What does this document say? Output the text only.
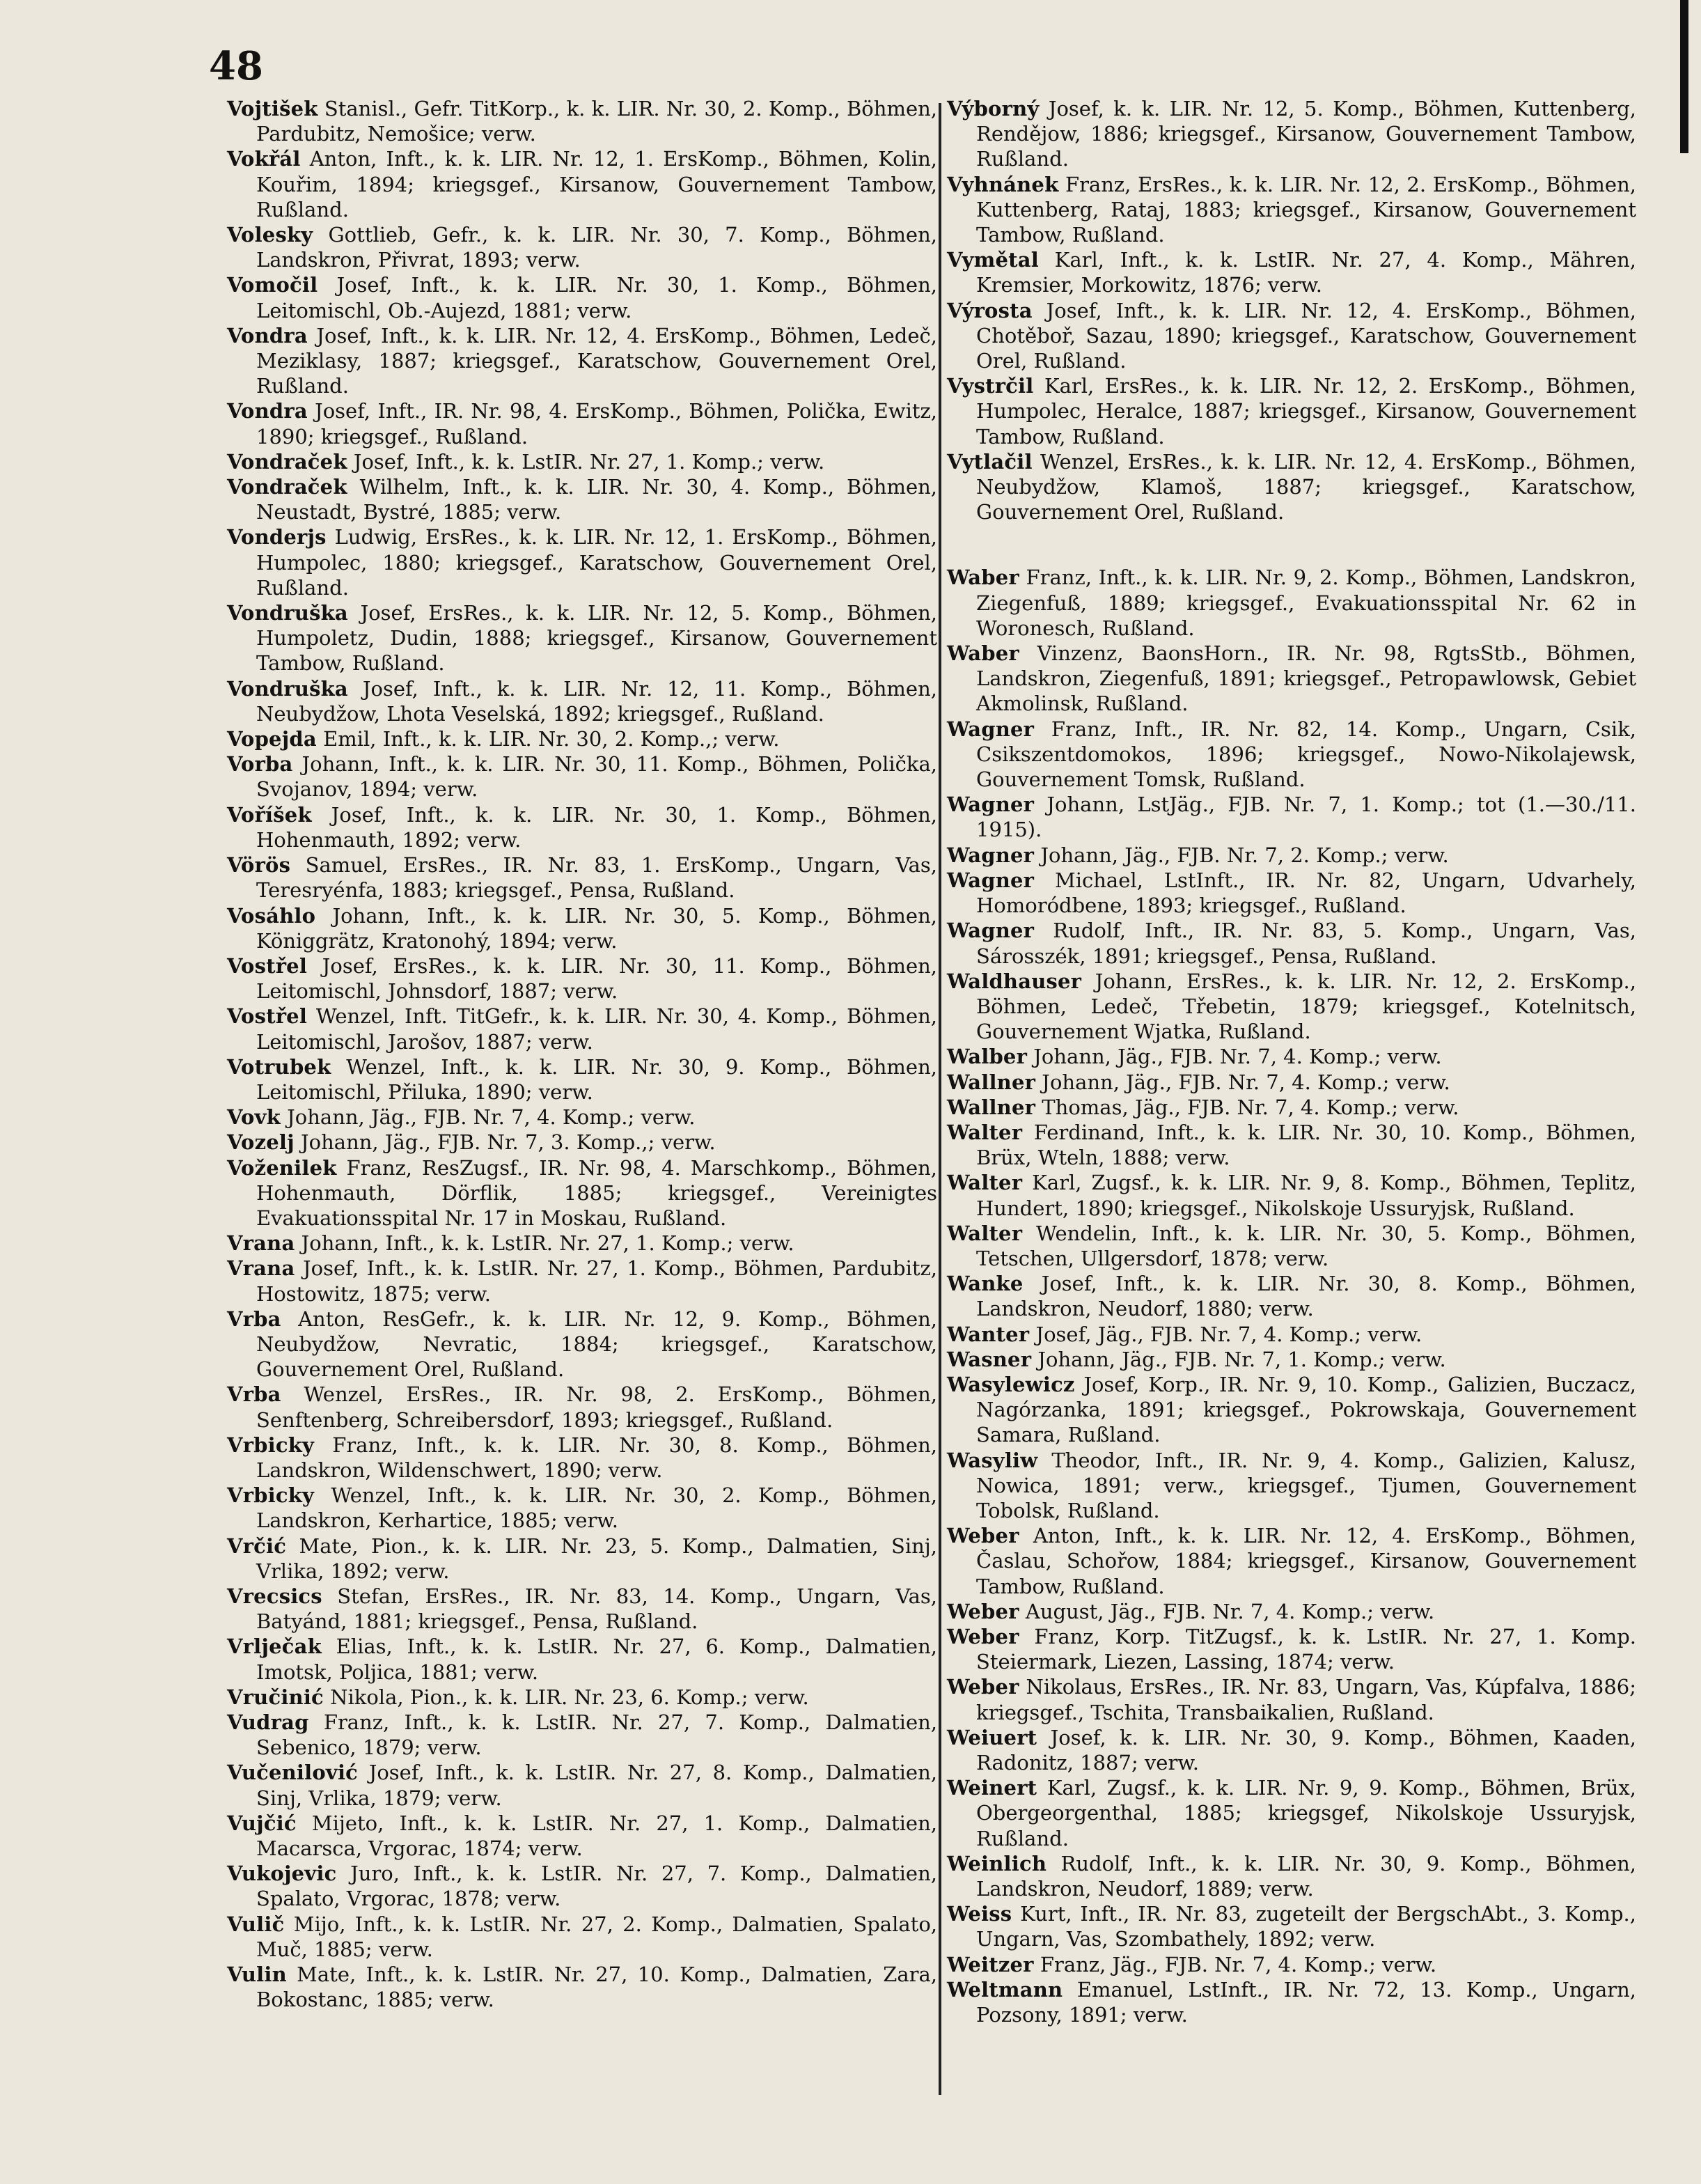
48

Vojtišek Stanisl., Gefr. TitKorp., k. k. LIR. Nr. 30, 2. Komp., Böhmen, Pardubitz, Nemošice; verw.

Vokřál Anton, Inft., k. k. LIR. Nr. 12, 1. ErsKomp., Böhmen, Kolin, Kouřim, 1894; kriegsgef., Kirsanow, Gouvernement Tambow, Rußland.

Volesky Gottlieb, Gefr., k. k. LIR. Nr. 30, 7. Komp., Böhmen, Landskron, Přivrat, 1893; verw.

Vomočil Josef, Inft., k. k. LIR. Nr. 30, 1. Komp., Böhmen, Leitomischl, Ob.-Aujezd, 1881; verw.

Vondra Josef, Inft., k. k. LIR. Nr. 12, 4. ErsKomp., Böhmen, Ledeč, Meziklasy, 1887; kriegsgef., Karatschow, Gouvernement Orel, Rußland.

Vondra Josef, Inft., IR. Nr. 98, 4. ErsKomp., Böhmen, Polička, Ewitz, 1890; kriegsgef., Rußland.

Vondraček Josef, Inft., k. k. LstIR. Nr. 27, 1. Komp.; verw.

Vondraček Wilhelm, Inft., k. k. LIR. Nr. 30, 4. Komp., Böhmen, Neustadt, Bystré, 1885; verw.

Vonderjs Ludwig, ErsRes., k. k. LIR. Nr. 12, 1. ErsKomp., Böhmen, Humpolec, 1880; kriegsgef., Karatschow, Gouvernement Orel, Rußland.

Vondruška Josef, ErsRes., k. k. LIR. Nr. 12, 5. Komp., Böhmen, Humpoletz, Dudin, 1888; kriegsgef., Kirsanow, Gouvernement Tambow, Rußland.

Vondruška Josef, Inft., k. k. LIR. Nr. 12, 11. Komp., Böhmen, Neubydžow, Lhota Veselská, 1892; kriegsgef., Rußland.

Vopejda Emil, Inft., k. k. LIR. Nr. 30, 2. Komp.,; verw.

Vorba Johann, Inft., k. k. LIR. Nr. 30, 11. Komp., Böhmen, Polička, Svojanov, 1894; verw.

Voříšek Josef, Inft., k. k. LIR. Nr. 30, 1. Komp., Böhmen, Hohenmauth, 1892; verw.

Vörös Samuel, ErsRes., IR. Nr. 83, 1. ErsKomp., Ungarn, Vas, Teresryénfa, 1883; kriegsgef., Pensa, Rußland.

Vosáhlo Johann, Inft., k. k. LIR. Nr. 30, 5. Komp., Böhmen, Königgrätz, Kratonohý, 1894; verw.

Vostřel Josef, ErsRes., k. k. LIR. Nr. 30, 11. Komp., Böhmen, Leitomischl, Johnsdorf, 1887; verw.

Vostřel Wenzel, Inft. TitGefr., k. k. LIR. Nr. 30, 4. Komp., Böhmen, Leitomischl, Jarošov, 1887; verw.

Votrubek Wenzel, Inft., k. k. LIR. Nr. 30, 9. Komp., Böhmen, Leitomischl, Přiluka, 1890; verw.

Vovk Johann, Jäg., FJB. Nr. 7, 4. Komp.; verw.

Vozelj Johann, Jäg., FJB. Nr. 7, 3. Komp.,; verw.

Voženilek Franz, ResZugsf., IR. Nr. 98, 4. Marschkomp., Böhmen, Hohenmauth, Dörflik, 1885; kriegsgef., Vereinigtes Evakuationsspital Nr. 17 in Moskau, Rußland.

Vrana Johann, Inft., k. k. LstIR. Nr. 27, 1. Komp.; verw.

Vrana Josef, Inft., k. k. LstIR. Nr. 27, 1. Komp., Böhmen, Pardubitz, Hostowitz, 1875; verw.

Vrba Anton, ResGefr., k. k. LIR. Nr. 12, 9. Komp., Böhmen, Neubydžow, Nevratic, 1884; kriegsgef., Karatschow, Gouvernement Orel, Rußland.

Vrba Wenzel, ErsRes., IR. Nr. 98, 2. ErsKomp., Böhmen, Senftenberg, Schreibersdorf, 1893; kriegsgef., Rußland.

Vrbicky Franz, Inft., k. k. LIR. Nr. 30, 8. Komp., Böhmen, Landskron, Wildenschwert, 1890; verw.

Vrbicky Wenzel, Inft., k. k. LIR. Nr. 30, 2. Komp., Böhmen, Landskron, Kerhartice, 1885; verw.

Vrčić Mate, Pion., k. k. LIR. Nr. 23, 5. Komp., Dalmatien, Sinj, Vrlika, 1892; verw.

Vrecsics Stefan, ErsRes., IR. Nr. 83, 14. Komp., Ungarn, Vas, Batyánd, 1881; kriegsgef., Pensa, Rußland.

Vrlječak Elias, Inft., k. k. LstIR. Nr. 27, 6. Komp., Dalmatien, Imotsk, Poljica, 1881; verw.

Vručinić Nikola, Pion., k. k. LIR. Nr. 23, 6. Komp.; verw.

Vudrag Franz, Inft., k. k. LstIR. Nr. 27, 7. Komp., Dalmatien, Sebenico, 1879; verw.

Vučenilović Josef, Inft., k. k. LstIR. Nr. 27, 8. Komp., Dalmatien, Sinj, Vrlika, 1879; verw.

Vujčić Mijeto, Inft., k. k. LstIR. Nr. 27, 1. Komp., Dalmatien, Macarsca, Vrgorac, 1874; verw.

Vukojevic Juro, Inft., k. k. LstIR. Nr. 27, 7. Komp., Dalmatien, Spalato, Vrgorac, 1878; verw.

Vulič Mijo, Inft., k. k. LstIR. Nr. 27, 2. Komp., Dalmatien, Spalato, Muč, 1885; verw.

Vulin Mate, Inft., k. k. LstIR. Nr. 27, 10. Komp., Dalmatien, Zara, Bokostanc, 1885; verw.

Výborný Josef, k. k. LIR. Nr. 12, 5. Komp., Böhmen, Kuttenberg, Rendějow, 1886; kriegsgef., Kirsanow, Gouvernement Tambow, Rußland.

Vyhnánek Franz, ErsRes., k. k. LIR. Nr. 12, 2. ErsKomp., Böhmen, Kuttenberg, Rataj, 1883; kriegsgef., Kirsanow, Gouvernement Tambow, Rußland.

Vymětal Karl, Inft., k. k. LstIR. Nr. 27, 4. Komp., Mähren, Kremsier, Morkowitz, 1876; verw.

Výrosta Josef, Inft., k. k. LIR. Nr. 12, 4. ErsKomp., Böhmen, Chotěboř, Sazau, 1890; kriegsgef., Karatschow, Gouvernement Orel, Rußland.

Vystrčil Karl, ErsRes., k. k. LIR. Nr. 12, 2. ErsKomp., Böhmen, Humpolec, Heralce, 1887; kriegsgef., Kirsanow, Gouvernement Tambow, Rußland.

Vytlačil Wenzel, ErsRes., k. k. LIR. Nr. 12, 4. ErsKomp., Böhmen, Neubydžow, Klamoš, 1887; kriegsgef., Karatschow, Gouvernement Orel, Rußland.

Waber Franz, Inft., k. k. LIR. Nr. 9, 2. Komp., Böhmen, Landskron, Ziegenfuß, 1889; kriegsgef., Evakuationsspital Nr. 62 in Woronesch, Rußland.

Waber Vinzenz, BaonsHorn., IR. Nr. 98, RgtsStb., Böhmen, Landskron, Ziegenfuß, 1891; kriegsgef., Petropawlowsk, Gebiet Akmolinsk, Rußland.

Wagner Franz, Inft., IR. Nr. 82, 14. Komp., Ungarn, Csik, Csikszentdomokos, 1896; kriegsgef., Nowo-Nikolajewsk, Gouvernement Tomsk, Rußland.

Wagner Johann, LstJäg., FJB. Nr. 7, 1. Komp.; tot (1.—30./11. 1915).

Wagner Johann, Jäg., FJB. Nr. 7, 2. Komp.; verw.

Wagner Michael, LstInft., IR. Nr. 82, Ungarn, Udvarhely, Homoródbene, 1893; kriegsgef., Rußland.

Wagner Rudolf, Inft., IR. Nr. 83, 5. Komp., Ungarn, Vas, Sárosszék, 1891; kriegsgef., Pensa, Rußland.

Waldhauser Johann, ErsRes., k. k. LIR. Nr. 12, 2. ErsKomp., Böhmen, Ledeč, Třebetin, 1879; kriegsgef., Kotelnitsch, Gouvernement Wjatka, Rußland.

Walber Johann, Jäg., FJB. Nr. 7, 4. Komp.; verw.

Wallner Johann, Jäg., FJB. Nr. 7, 4. Komp.; verw.

Wallner Thomas, Jäg., FJB. Nr. 7, 4. Komp.; verw.

Walter Ferdinand, Inft., k. k. LIR. Nr. 30, 10. Komp., Böhmen, Brüx, Wteln, 1888; verw.

Walter Karl, Zugsf., k. k. LIR. Nr. 9, 8. Komp., Böhmen, Teplitz, Hundert, 1890; kriegsgef., Nikolskoje Ussuryjsk, Rußland.

Walter Wendelin, Inft., k. k. LIR. Nr. 30, 5. Komp., Böhmen, Tetschen, Ullgersdorf, 1878; verw.

Wanke Josef, Inft., k. k. LIR. Nr. 30, 8. Komp., Böhmen, Landskron, Neudorf, 1880; verw.

Wanter Josef, Jäg., FJB. Nr. 7, 4. Komp.; verw.

Wasner Johann, Jäg., FJB. Nr. 7, 1. Komp.; verw.

Wasylewicz Josef, Korp., IR. Nr. 9, 10. Komp., Galizien, Buczacz, Nagórzanka, 1891; kriegsgef., Pokrowskaja, Gouvernement Samara, Rußland.

Wasyliw Theodor, Inft., IR. Nr. 9, 4. Komp., Galizien, Kalusz, Nowica, 1891; verw., kriegsgef., Tjumen, Gouvernement Tobolsk, Rußland.

Weber Anton, Inft., k. k. LIR. Nr. 12, 4. ErsKomp., Böhmen, Časlau, Schořow, 1884; kriegsgef., Kirsanow, Gouvernement Tambow, Rußland.

Weber August, Jäg., FJB. Nr. 7, 4. Komp.; verw.

Weber Franz, Korp. TitZugsf., k. k. LstIR. Nr. 27, 1. Komp. Steiermark, Liezen, Lassing, 1874; verw.

Weber Nikolaus, ErsRes., IR. Nr. 83, Ungarn, Vas, Kúpfalva, 1886; kriegsgef., Tschita, Transbaikalien, Rußland.

Weiuert Josef, k. k. LIR. Nr. 30, 9. Komp., Böhmen, Kaaden, Radonitz, 1887; verw.

Weinert Karl, Zugsf., k. k. LIR. Nr. 9, 9. Komp., Böhmen, Brüx, Obergeorgenthal, 1885; kriegsgef, Nikolskoje Ussuryjsk, Rußland.

Weinlich Rudolf, Inft., k. k. LIR. Nr. 30, 9. Komp., Böhmen, Landskron, Neudorf, 1889; verw.

Weiss Kurt, Inft., IR. Nr. 83, zugeteilt der BergschAbt., 3. Komp., Ungarn, Vas, Szombathely, 1892; verw.

Weitzer Franz, Jäg., FJB. Nr. 7, 4. Komp.; verw.

Weltmann Emanuel, LstInft., IR. Nr. 72, 13. Komp., Ungarn, Pozsony, 1891; verw.
